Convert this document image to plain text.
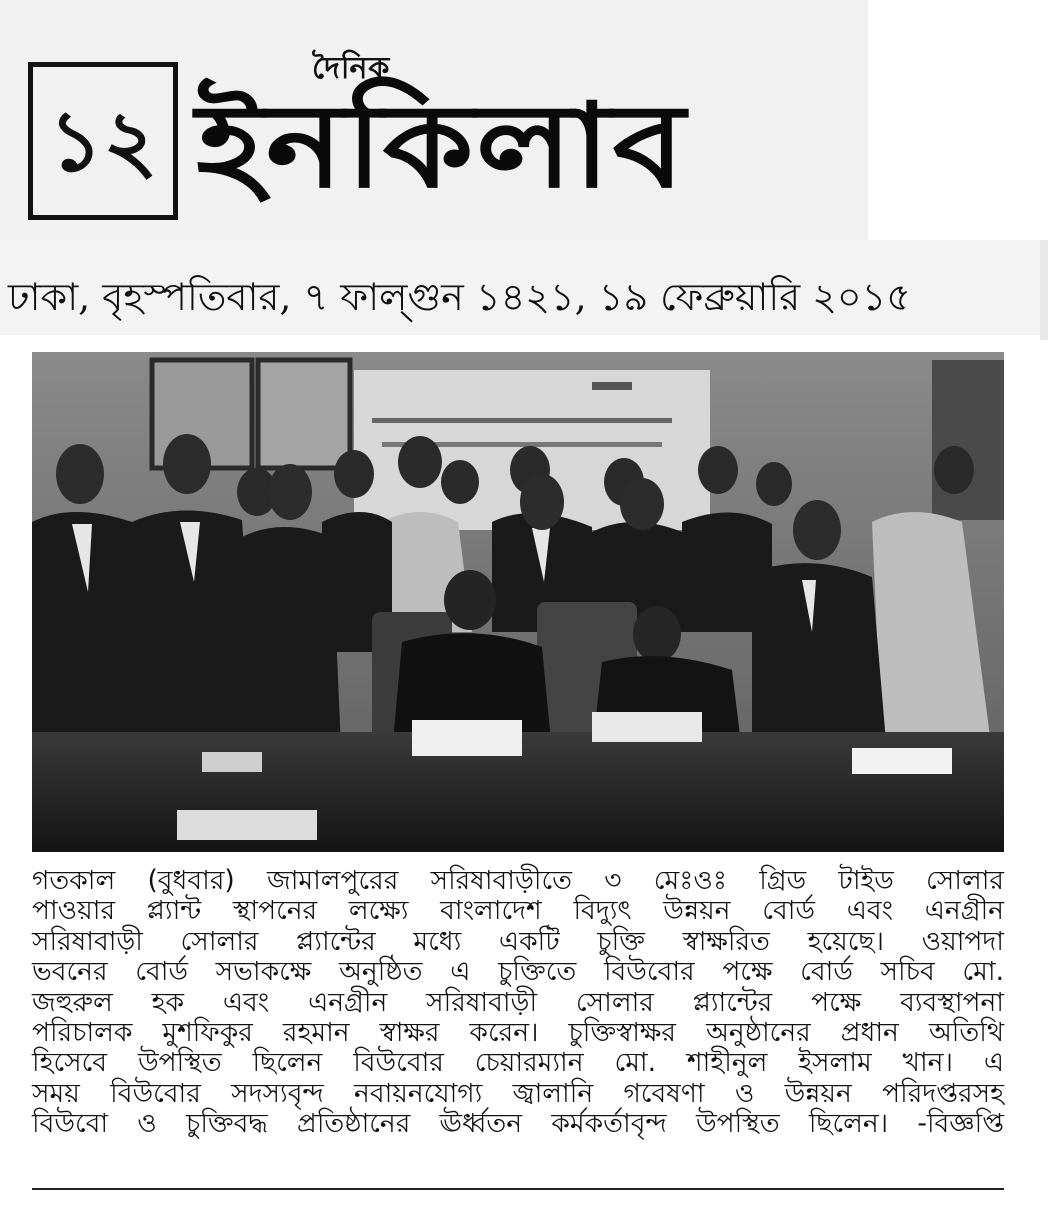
১২
দৈনিক
ইনকিলাব
ঢাকা, বৃহস্পতিবার, ৭ ফাল্গুন ১৪২১, ১৯ ফেব্রুয়ারি ২০১৫
গতকাল (বুধবার) জামালপুরের সরিষাবাড়ীতে ৩ মেঃওঃ গ্রিড টাইড সোলার
পাওয়ার প্ল্যান্ট স্থাপনের লক্ষ্যে বাংলাদেশ বিদ্যুৎ উন্নয়ন বোর্ড এবং এনগ্রীন
সরিষাবাড়ী সোলার প্ল্যান্টের মধ্যে একটি চুক্তি স্বাক্ষরিত হয়েছে। ওয়াপদা
ভবনের বোর্ড সভাকক্ষে অনুষ্ঠিত এ চুক্তিতে বিউবোর পক্ষে বোর্ড সচিব মো.
জহুরুল হক এবং এনগ্রীন সরিষাবাড়ী সোলার প্ল্যান্টের পক্ষে ব্যবস্থাপনা
পরিচালক মুশফিকুর রহমান স্বাক্ষর করেন। চুক্তিস্বাক্ষর অনুষ্ঠানের প্রধান অতিথি
হিসেবে উপস্থিত ছিলেন বিউবোর চেয়ারম্যান মো. শাহীনুল ইসলাম খান। এ
সময় বিউবোর সদস্যবৃন্দ নবায়নযোগ্য জ্বালানি গবেষণা ও উন্নয়ন পরিদপ্তরসহ
বিউবো ও চুক্তিবদ্ধ প্রতিষ্ঠানের ঊর্ধ্বতন কর্মকর্তাবৃন্দ উপস্থিত ছিলেন। -বিজ্ঞপ্তি
